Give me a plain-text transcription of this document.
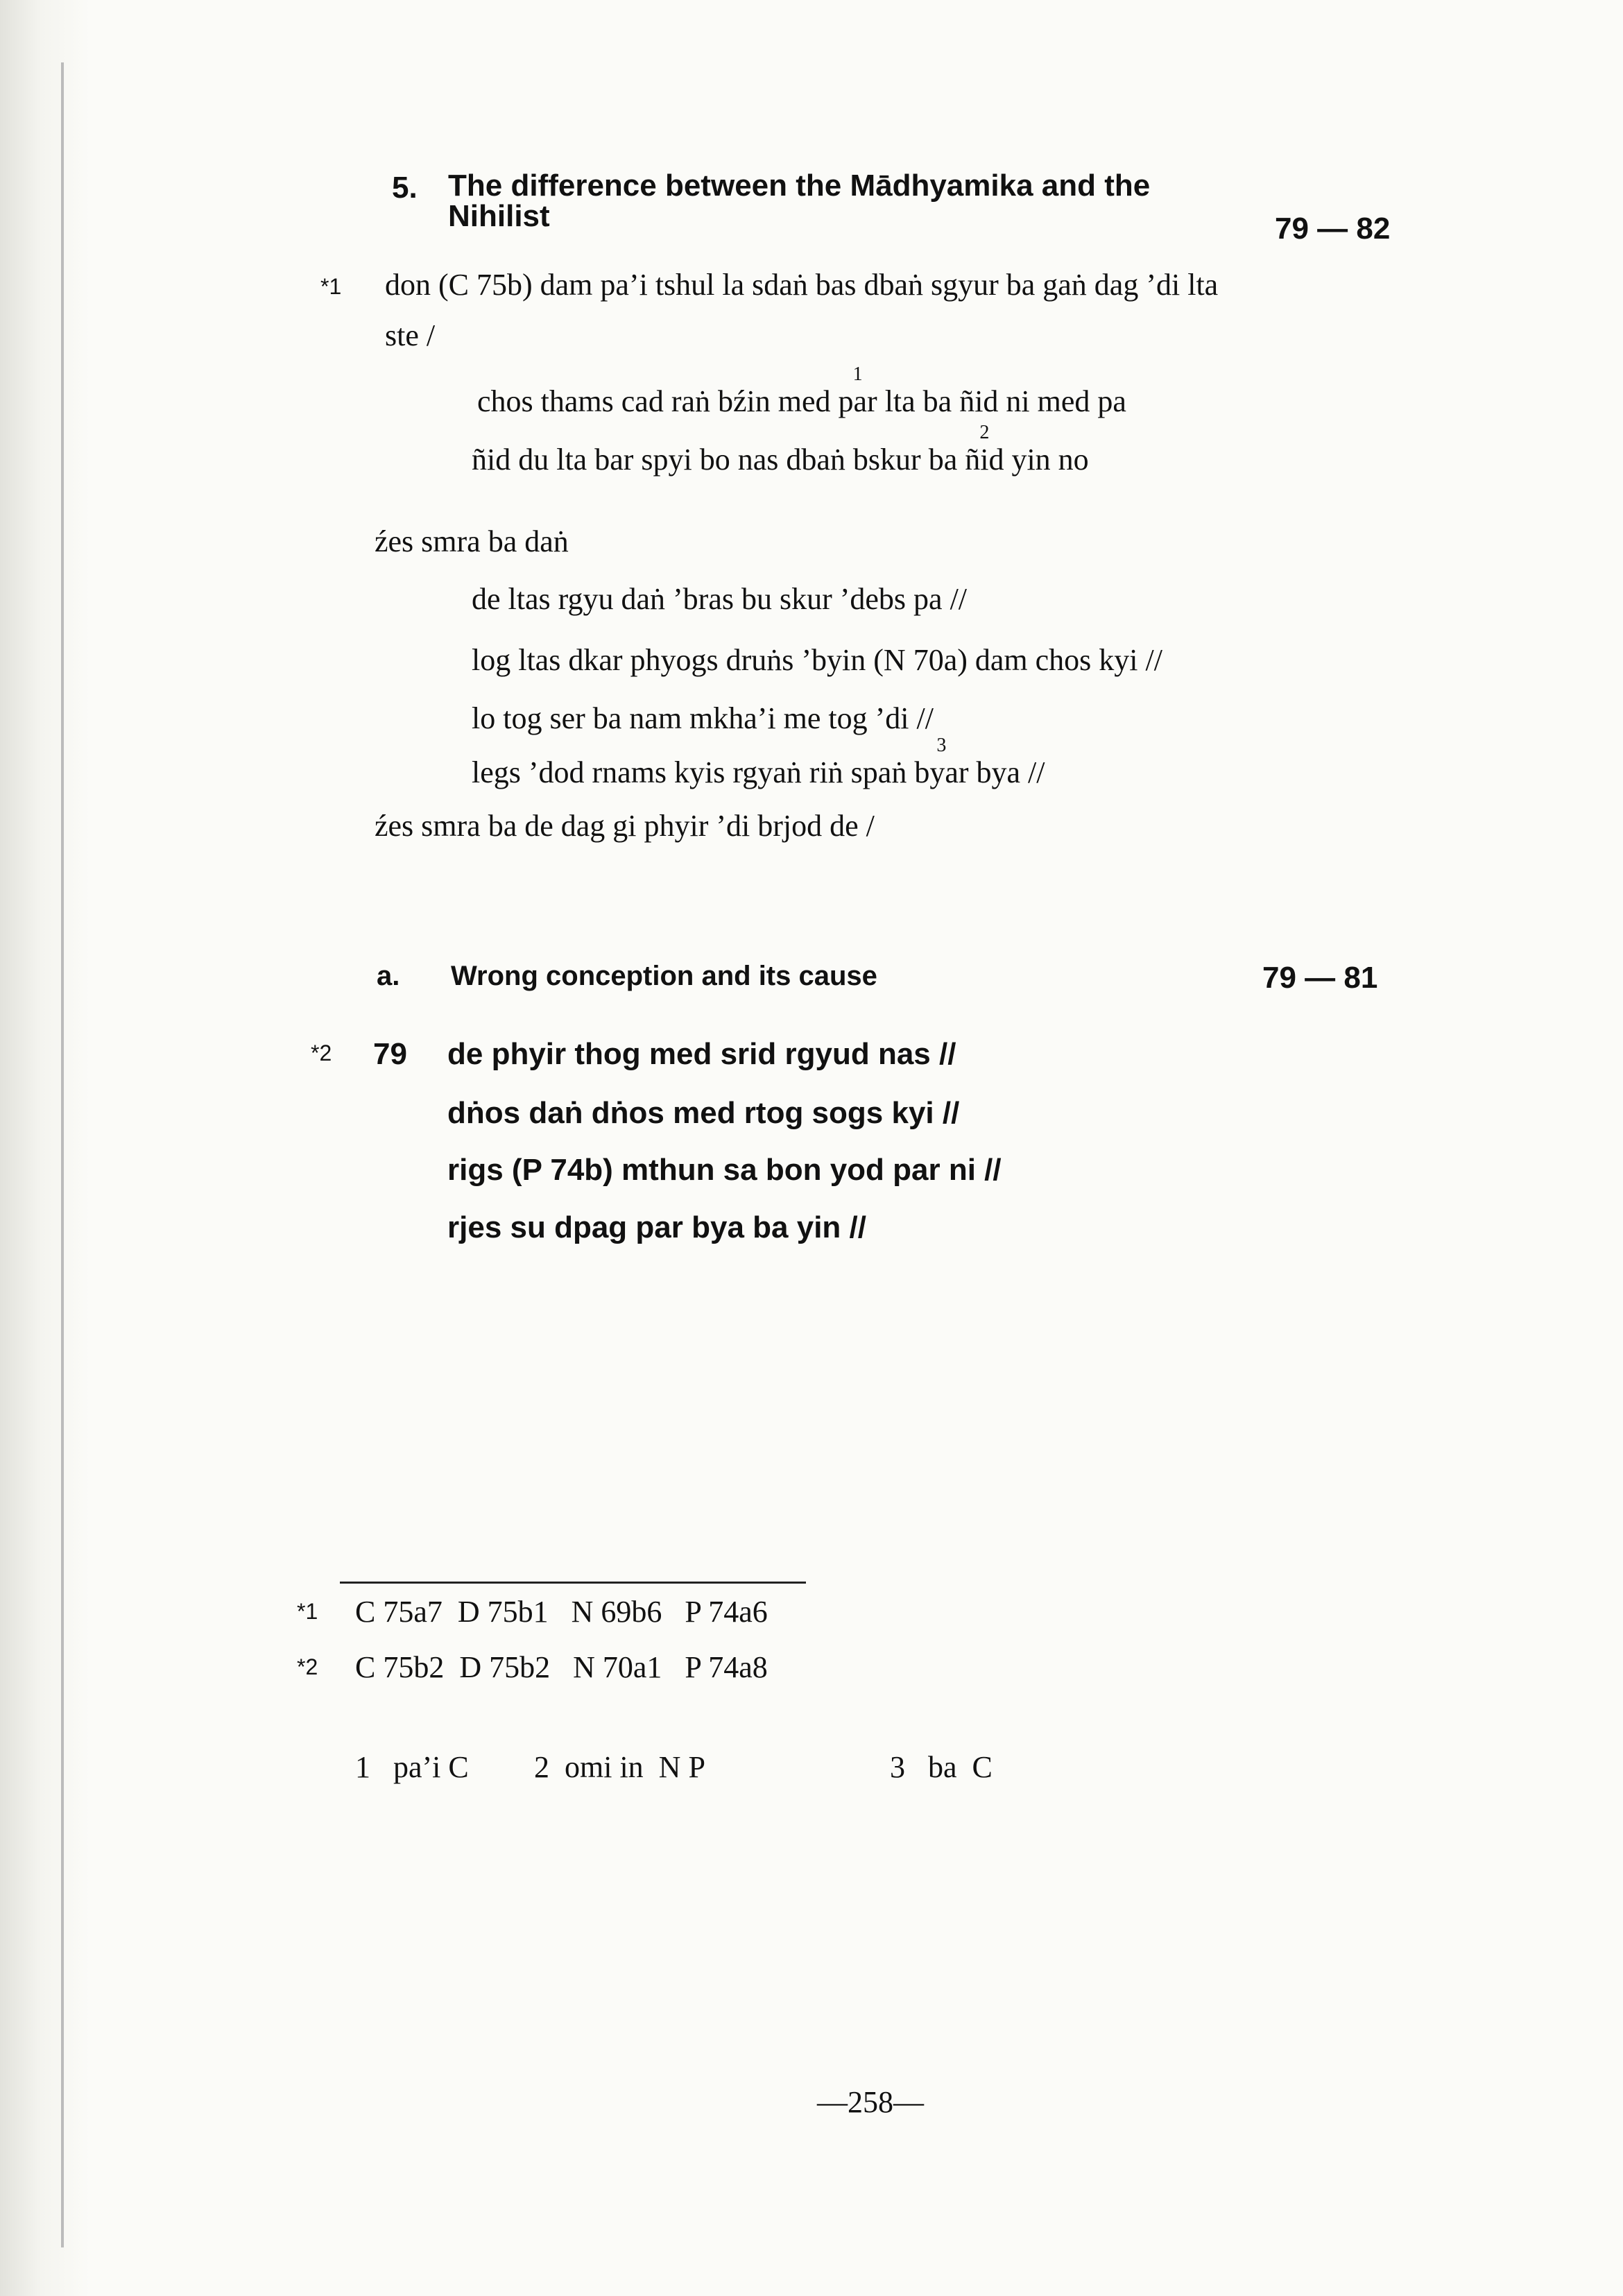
5. The difference between the Mādhyamika and the
Nihilist	79 — 82
*1 don (C 75b) dam pa’i tshul la sdaṅ bas dbaṅ sgyur ba gaṅ dag ’di lta
ste /
chos thams cad raṅ bźin med par
1
lta ba ñid ni med pa
ñid du lta bar spyi bo nas dbaṅ bskur ba ñid
2
yin no
źes smra ba daṅ
de ltas rgyu daṅ ’bras bu skur ’debs pa //
log ltas dkar phyogs druṅs ’byin (N 70a) dam chos kyi //
lo tog ser ba nam mkha’i me tog ’di //
legs ’dod rnams kyis rgyaṅ riṅ spaṅ byar
3
bya //
źes smra ba de dag gi phyir ’di brjod de /
a. Wrong conception and its cause	79 — 81
*2 79 de phyir thog med srid rgyud nas //
dṅos daṅ dṅos med rtog sogs kyi //
rigs (P 74b) mthun sa bon yod par ni //
rjes su dpag par bya ba yin //
*1 C 75a7  D 75b1   N 69b6   P 74a6
*2 C 75b2  D 75b2   N 70a1   P 74a8
1   pa’i C 2  omi in  N P	3   ba  C
—258—
